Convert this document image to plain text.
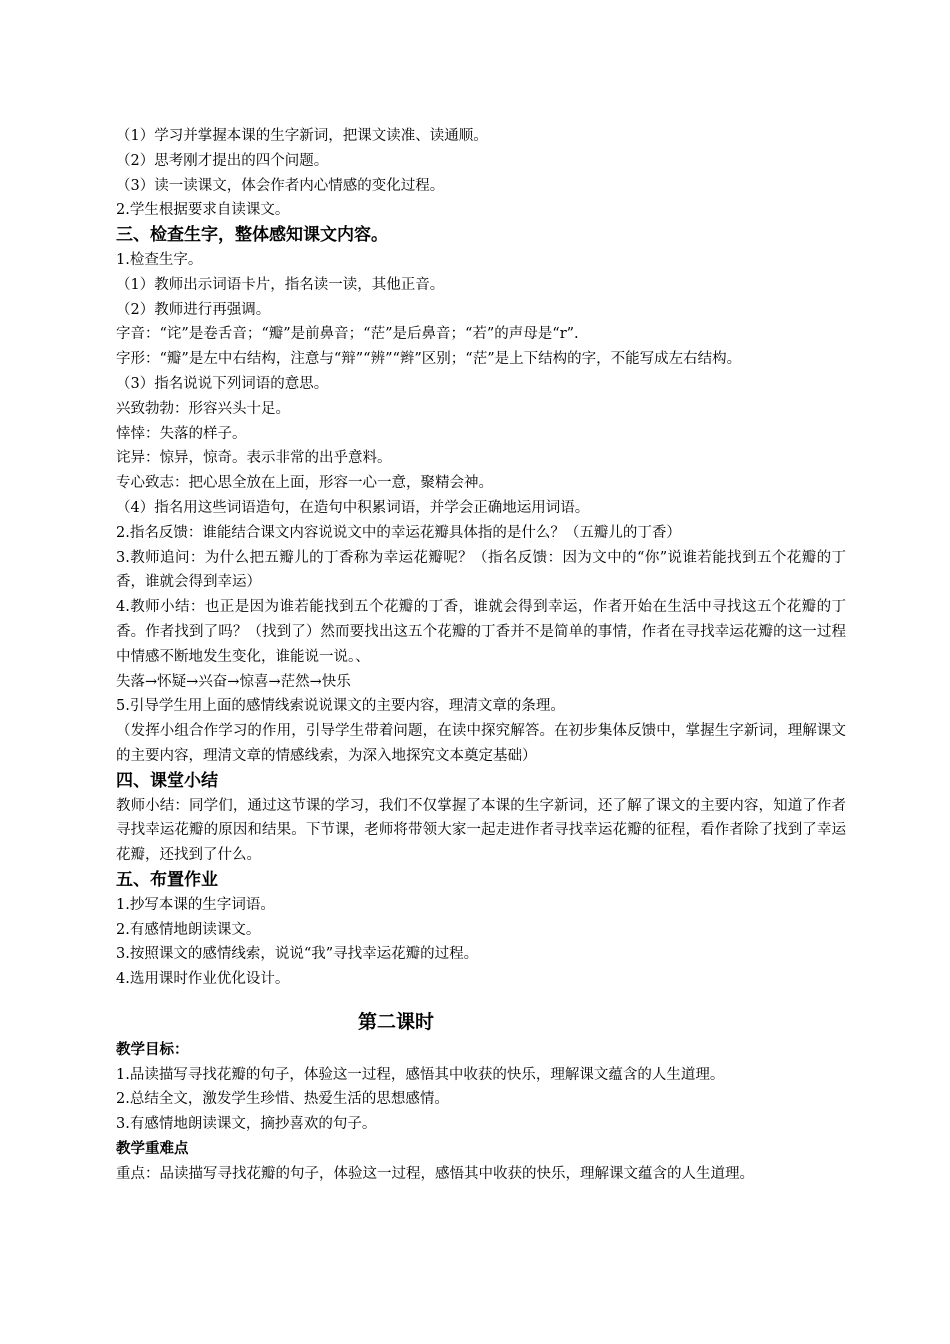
（1）学习并掌握本课的生字新词，把课文读准、读通顺。
（2）思考刚才提出的四个问题。
（3）读一读课文，体会作者内心情感的变化过程。
2.学生根据要求自读课文。
三、检查生字，整体感知课文内容。
1.检查生字。
（1）教师出示词语卡片，指名读一读，其他正音。
（2）教师进行再强调。
字音：“诧”是卷舌音；“瓣”是前鼻音；“茫”是后鼻音；“若”的声母是“r”.
字形：“瓣”是左中右结构，注意与“辩”“辨”“辫”区别；“茫”是上下结构的字，不能写成左右结构。
（3）指名说说下列词语的意思。
兴致勃勃：形容兴头十足。
悻悻：失落的样子。
诧异：惊异，惊奇。表示非常的出乎意料。
专心致志：把心思全放在上面，形容一心一意，聚精会神。
（4）指名用这些词语造句，在造句中积累词语，并学会正确地运用词语。
2.指名反馈：谁能结合课文内容说说文中的幸运花瓣具体指的是什么？（五瓣儿的丁香）
3.教师追问：为什么把五瓣儿的丁香称为幸运花瓣呢？（指名反馈：因为文中的“你”说谁若能找到五个花瓣的丁香，谁就会得到幸运）
4.教师小结：也正是因为谁若能找到五个花瓣的丁香，谁就会得到幸运，作者开始在生活中寻找这五个花瓣的丁香。作者找到了吗？（找到了）然而要找出这五个花瓣的丁香并不是简单的事情，作者在寻找幸运花瓣的这一过程中情感不断地发生变化，谁能说一说。、
失落→怀疑→兴奋→惊喜→茫然→快乐
5.引导学生用上面的感情线索说说课文的主要内容，理清文章的条理。
（发挥小组合作学习的作用，引导学生带着问题，在读中探究解答。在初步集体反馈中，掌握生字新词，理解课文的主要内容，理清文章的情感线索，为深入地探究文本奠定基础）
四、课堂小结
教师小结：同学们，通过这节课的学习，我们不仅掌握了本课的生字新词，还了解了课文的主要内容，知道了作者寻找幸运花瓣的原因和结果。下节课，老师将带领大家一起走进作者寻找幸运花瓣的征程，看作者除了找到了幸运花瓣，还找到了什么。
五、布置作业
1.抄写本课的生字词语。
2.有感情地朗读课文。
3.按照课文的感情线索，说说“我”寻找幸运花瓣的过程。
4.选用课时作业优化设计。
第二课时
教学目标：
1.品读描写寻找花瓣的句子，体验这一过程，感悟其中收获的快乐，理解课文蕴含的人生道理。
2.总结全文，激发学生珍惜、热爱生活的思想感情。
3.有感情地朗读课文，摘抄喜欢的句子。
教学重难点
重点：品读描写寻找花瓣的句子，体验这一过程，感悟其中收获的快乐，理解课文蕴含的人生道理。
